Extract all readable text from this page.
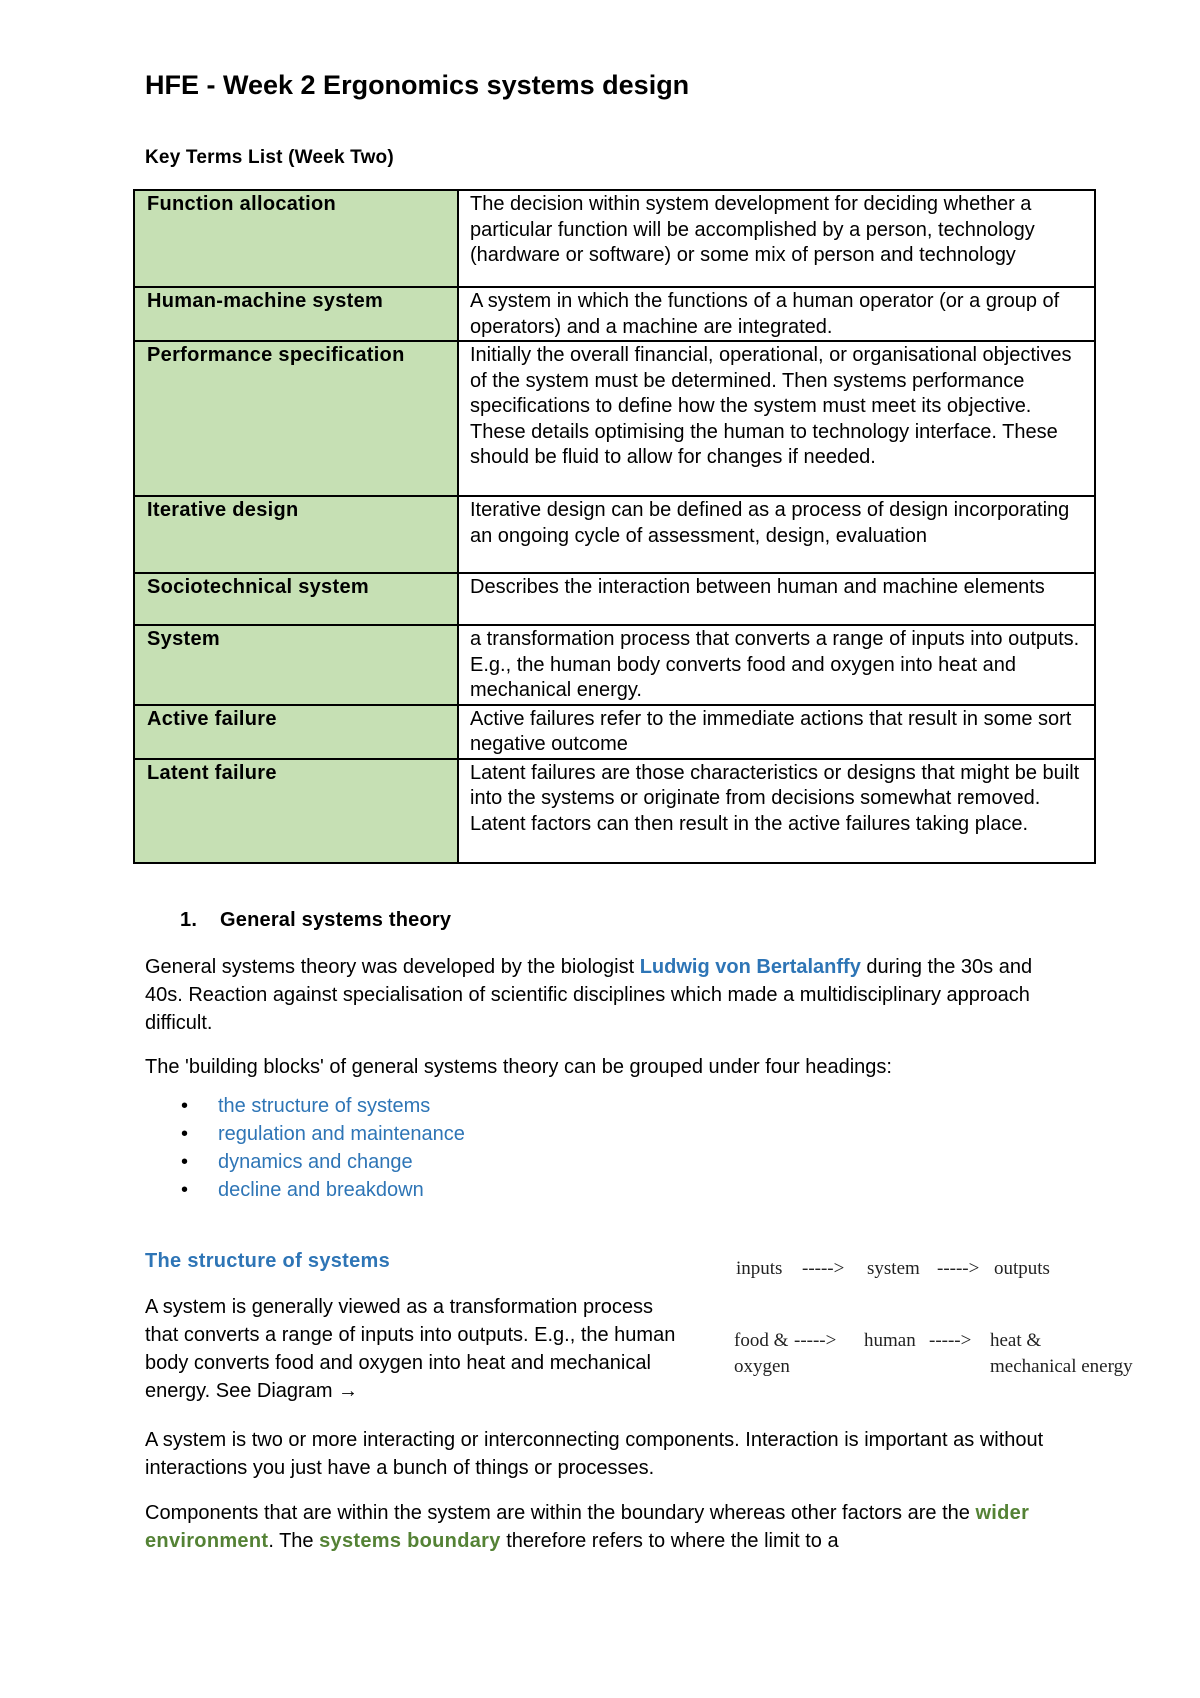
HFE - Week 2 Ergonomics systems design
Key Terms List (Week Two)
Function allocation	The decision within system development for deciding whether a particular function will be accomplished by a person, technology (hardware or software) or some mix of person and technology
Human-machine system	A system in which the functions of a human operator (or a group of operators) and a machine are integrated.
Performance specification	Initially the overall financial, operational, or organisational objectives of the system must be determined. Then systems performance specifications to define how the system must meet its objective. These details optimising the human to technology interface. These should be fluid to allow for changes if needed.
Iterative design	Iterative design can be defined as a process of design incorporating an ongoing cycle of assessment, design, evaluation
Sociotechnical system	Describes the interaction between human and machine elements
System	a transformation process that converts a range of inputs into outputs. E.g., the human body converts food and oxygen into heat and mechanical energy.
Active failure	Active failures refer to the immediate actions that result in some sort negative outcome
Latent failure	Latent failures are those characteristics or designs that might be built into the systems or originate from decisions somewhat removed. Latent factors can then result in the active failures taking place.
1. General systems theory

General systems theory was developed by the biologist Ludwig von Bertalanffy during the 30s and 40s. Reaction against specialisation of scientific disciplines which made a multidisciplinary approach difficult.

The 'building blocks' of general systems theory can be grouped under four headings:

• the structure of systems
• regulation and maintenance
• dynamics and change
• decline and breakdown
The structure of systems

A system is generally viewed as a transformation process that converts a range of inputs into outputs. E.g., the human body converts food and oxygen into heat and mechanical energy. See Diagram →

inputs -----> system -----> outputs
food &
oxygen
-----> human -----> heat &
mechanical energy

A system is two or more interacting or interconnecting components. Interaction is important as without interactions you just have a bunch of things or processes.

Components that are within the system are within the boundary whereas other factors are the wider environment. The systems boundary therefore refers to where the limit to a
